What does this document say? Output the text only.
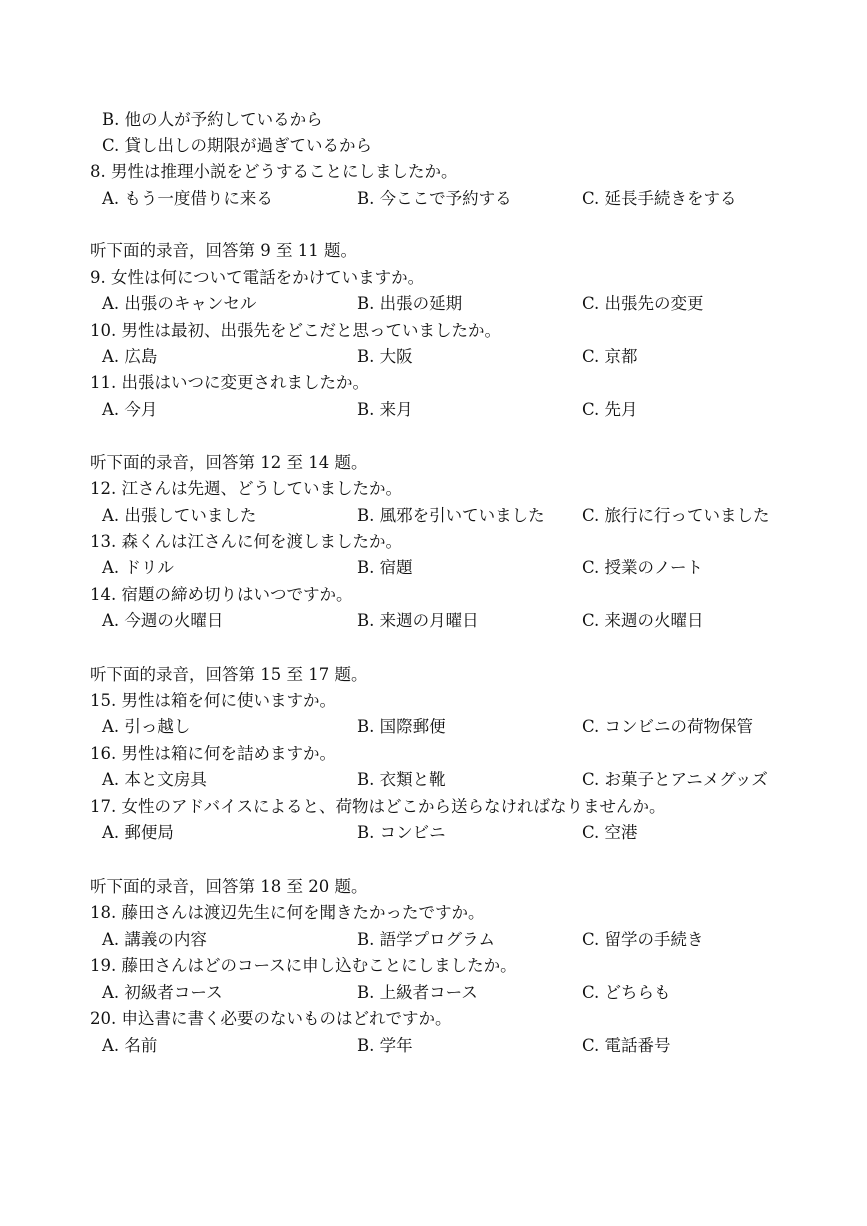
B. 他の人が予約しているから
C. 貸し出しの期限が過ぎているから
8. 男性は推理小説をどうすることにしましたか。
A. もう一度借りに来る	B. 今ここで予約する	C. 延長手続きをする
听下面的录音，回答第 9 至 11 题。
9. 女性は何について電話をかけていますか。
A. 出張のキャンセル	B. 出張の延期	C. 出張先の変更
10. 男性は最初、出張先をどこだと思っていましたか。
A. 広島	B. 大阪	C. 京都
11. 出張はいつに変更されましたか。
A. 今月	B. 来月	C. 先月
听下面的录音，回答第 12 至 14 题。
12. 江さんは先週、どうしていましたか。
A. 出張していました	B. 風邪を引いていました C. 旅行に行っていました
13. 森くんは江さんに何を渡しましたか。
A. ドリル	B. 宿題	C. 授業のノート
14. 宿題の締め切りはいつですか。
A. 今週の火曜日	B. 来週の月曜日	C. 来週の火曜日
听下面的录音，回答第 15 至 17 题。
15. 男性は箱を何に使いますか。
A. 引っ越し	B. 国際郵便	C. コンビニの荷物保管
16. 男性は箱に何を詰めますか。
A. 本と文房具	B. 衣類と靴	C. お菓子とアニメグッズ
17. 女性のアドバイスによると、荷物はどこから送らなければなりませんか。
A. 郵便局	B. コンビニ	C. 空港
听下面的录音，回答第 18 至 20 题。
18. 藤田さんは渡辺先生に何を聞きたかったですか。
A. 講義の内容	B. 語学プログラム	C. 留学の手続き
19. 藤田さんはどのコースに申し込むことにしましたか。
A. 初級者コース	B. 上級者コース	C. どちらも
20. 申込書に書く必要のないものはどれですか。
A. 名前	B. 学年	C. 電話番号
